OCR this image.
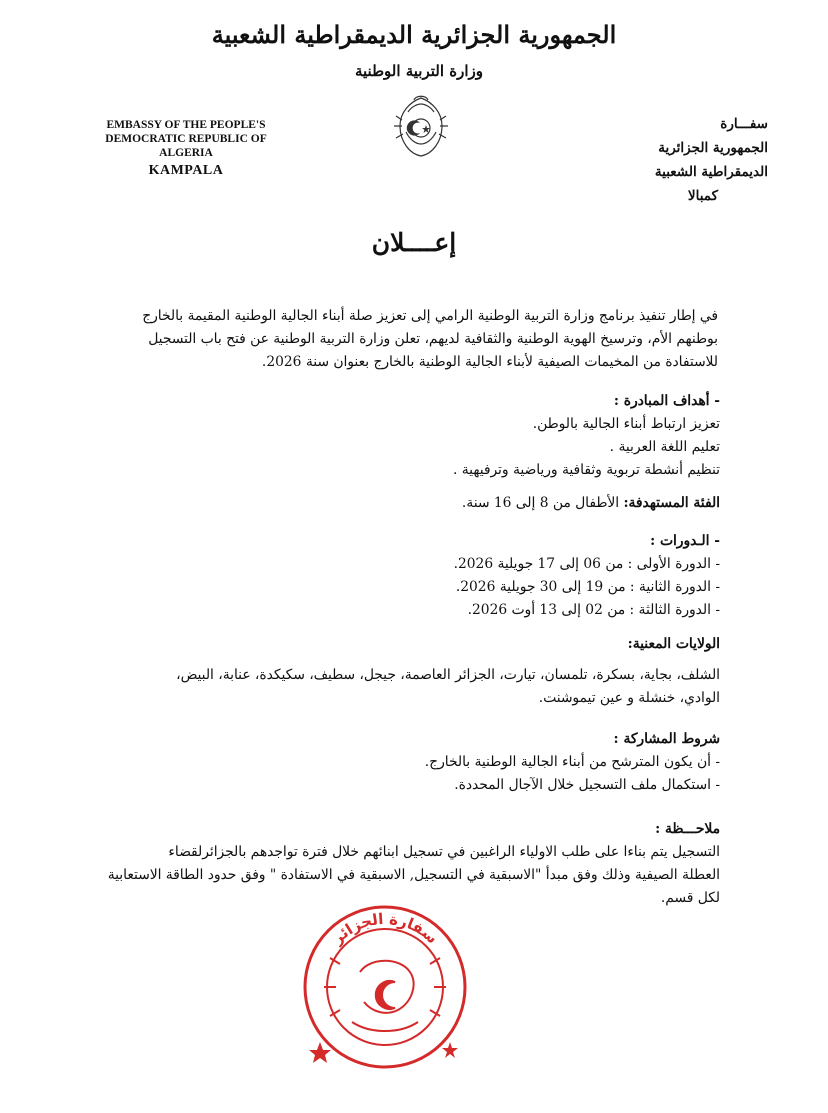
الجمهورية الجزائرية الديمقراطية الشعبية
وزارة التربية الوطنية
EMBASSY OF THE PEOPLE'S
DEMOCRATIC REPUBLIC OF
ALGERIA
KAMPALA
سفـــارة
الجمهورية الجزائرية
الديمقراطية الشعبية
كمبالا
إعــــلان
في إطار تنفيذ برنامج وزارة التربية الوطنية الرامي إلى تعزيز صلة أبناء الجالية الوطنية المقيمة بالخارج
بوطنهم الأم، وترسيخ الهوية الوطنية والثقافية لديهم، تعلن وزارة التربية الوطنية عن فتح باب التسجيل
للاستفادة من المخيمات الصيفية لأبناء الجالية الوطنية بالخارج بعنوان سنة 2026.
- أهداف المبادرة :
تعزيز ارتباط أبناء الجالية بالوطن.
تعليم اللغة العربية .
تنظيم أنشطة تربوية وثقافية ورياضية وترفيهية .
الفئة المستهدفة: الأطفال من 8 إلى 16 سنة.
- الـدورات :
- الدورة الأولى : من 06 إلى 17 جويلية 2026.
- الدورة الثانية : من 19 إلى 30 جويلية 2026.
- الدورة الثالثة : من 02 إلى 13 أوت 2026.
الولايات المعنية:
الشلف، بجاية، بسكرة، تلمسان، تيارت، الجزائر العاصمة، جيجل، سطيف، سكيكدة، عنابة، البيض،
الوادي، خنشلة و عين تيموشنت.
شروط المشاركة :
- أن يكون المترشح من أبناء الجالية الوطنية بالخارج.
- استكمال ملف التسجيل خلال الآجال المحددة.
ملاحـــظة :
التسجيل يتم بناءا على طلب الاولياء الراغبين في تسجيل ابنائهم خلال فترة تواجدهم بالجزائرلقضاء
العطلة الصيفية وذلك وفق مبدأ "الاسبقية في التسجيل, الاسبقية في الاستفادة " وفق حدود الطاقة الاستعابية
لكل قسم.
سفارة الجزائر
